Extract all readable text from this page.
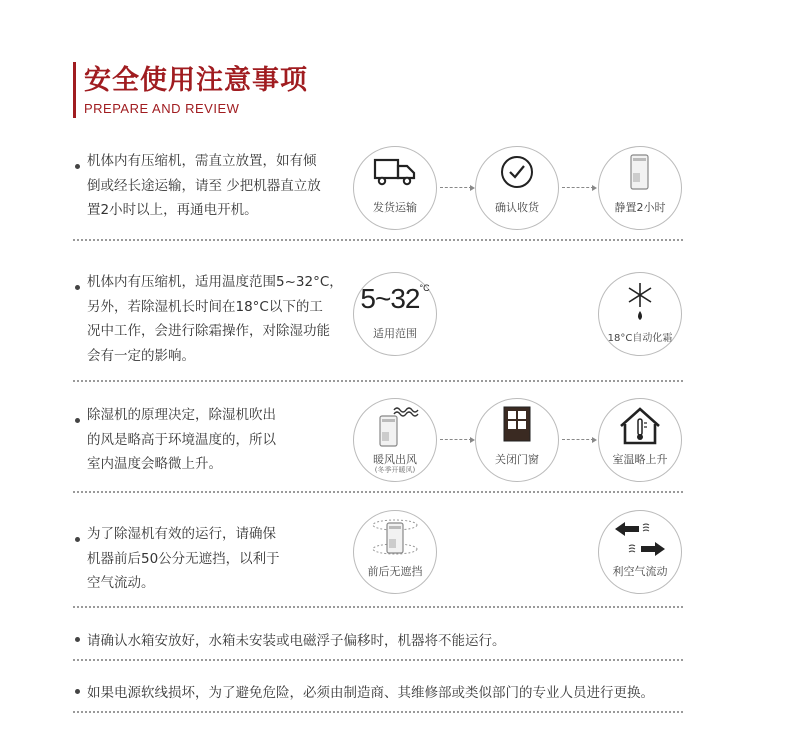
安全使用注意事项
PREPARE AND REVIEW
机体内有压缩机，需直立放置，如有倾
倒或经长途运输，请至 少把机器直立放
置2小时以上，再通电开机。	发货运输	确认收货	静置2小时
机体内有压缩机，适用温度范围5~32°C，
另外，若除湿机长时间在18°C以下的工
况中工作，会进行除霜操作，对除湿功能
会有一定的影响。
$5\sim 32^{^\circ C}$
适用范围	18°C自动化霜
除湿机的原理决定，除湿机吹出
的风是略高于环境温度的，所以
室内温度会略微上升。	暖风出风
(冬季开暖风)
关闭门窗	室温略上升
为了除湿机有效的运行，请确保
机器前后50公分无遮挡，以利于
空气流动。
前后无遮挡	利空气流动
请确认水箱安放好，水箱未安装或电磁浮子偏移时，机器将不能运行。
如果电源软线损坏，为了避免危险，必须由制造商、其维修部或类似部门的专业人员进行更换。
